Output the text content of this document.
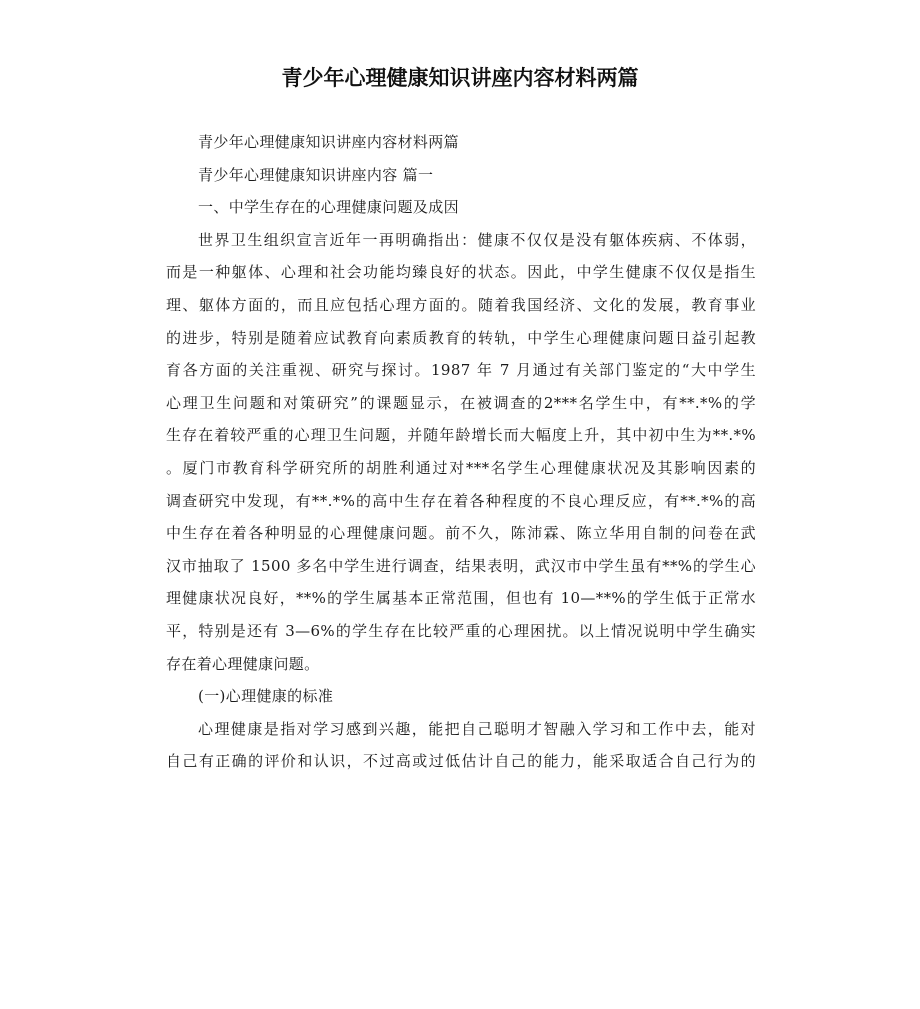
青少年心理健康知识讲座内容材料两篇

青少年心理健康知识讲座内容材料两篇

青少年心理健康知识讲座内容 篇一

一、中学生存在的心理健康问题及成因

世界卫生组织宣言近年一再明确指出：健康不仅仅是没有躯体疾病、不体弱，

而是一种躯体、心理和社会功能均臻良好的状态。因此，中学生健康不仅仅是指生

理、躯体方面的，而且应包括心理方面的。随着我国经济、文化的发展，教育事业

的进步，特别是随着应试教育向素质教育的转轨，中学生心理健康问题日益引起教

育各方面的关注重视、研究与探讨。1987 年 7 月通过有关部门鉴定的“大中学生

心理卫生问题和对策研究”的课题显示，在被调查的2***名学生中，有**.*%的学

生存在着较严重的心理卫生问题，并随年龄增长而大幅度上升，其中初中生为**.*%

。厦门市教育科学研究所的胡胜利通过对***名学生心理健康状况及其影响因素的

调查研究中发现，有**.*%的高中生存在着各种程度的不良心理反应，有**.*%的高

中生存在着各种明显的心理健康问题。前不久，陈沛霖、陈立华用自制的问卷在武

汉市抽取了 1500 多名中学生进行调查，结果表明，武汉市中学生虽有**%的学生心

理健康状况良好，**%的学生属基本正常范围，但也有 10—**%的学生低于正常水

平，特别是还有 3—6%的学生存在比较严重的心理困扰。以上情况说明中学生确实

存在着心理健康问题。

(一)心理健康的标准

心理健康是指对学习感到兴趣，能把自己聪明才智融入学习和工作中去，能对

自己有正确的评价和认识，不过高或过低估计自己的能力，能采取适合自己行为的
